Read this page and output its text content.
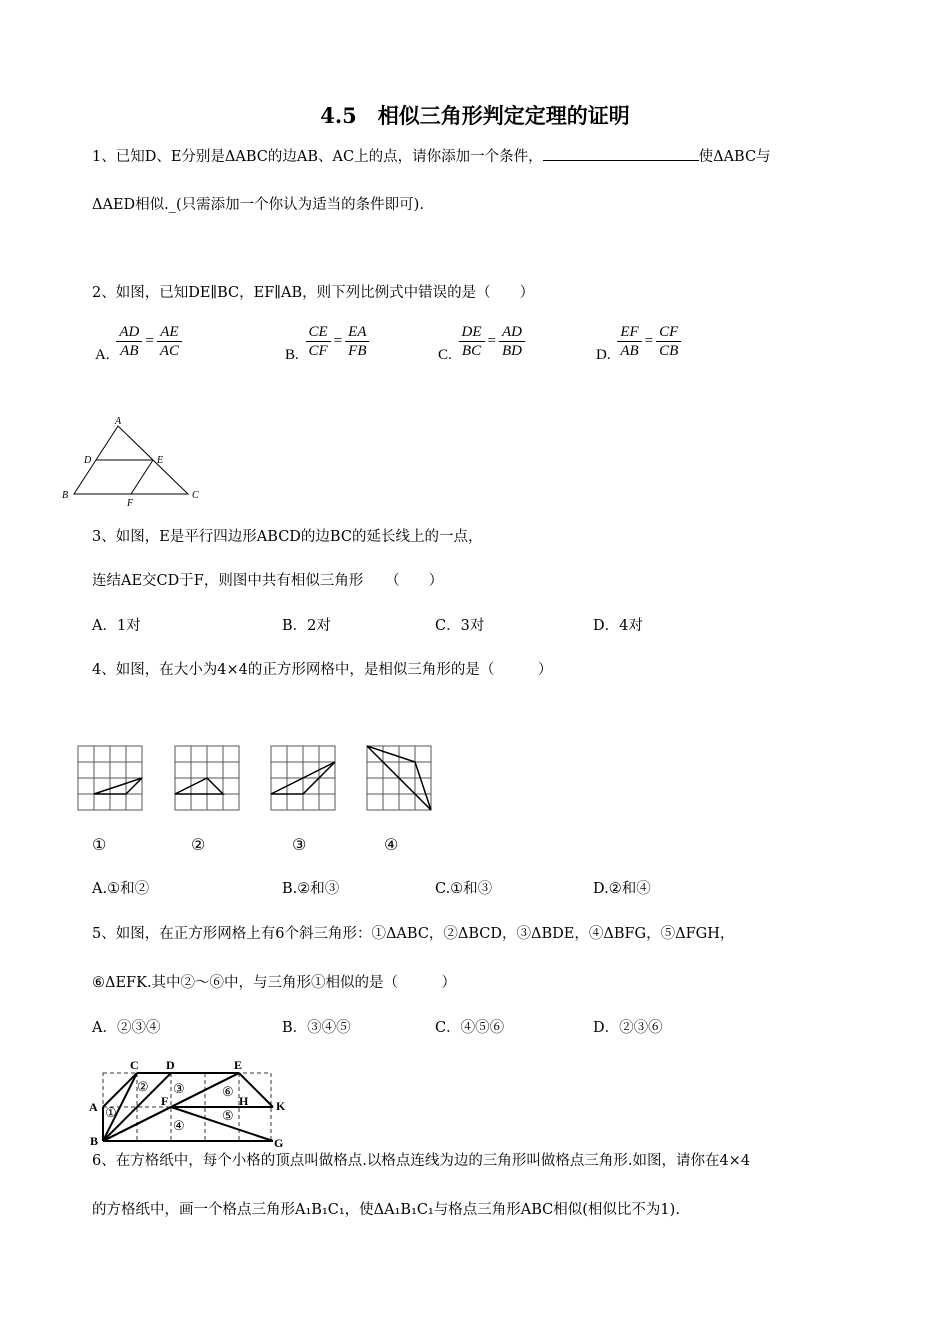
4.5　相似三角形判定定理的证明
1、已知D、E分别是ΔABC的边AB、AC上的点，请你添加一个条件，	使ΔABC与
ΔAED相似._(只需添加一个你认为适当的条件即可).
2、如图，已知DE∥BC，EF∥AB，则下列比例式中错误的是（　　）
A. $\frac{AD}{AB} = \frac{AE}{AC}$	B. $\frac{CE}{CF} = \frac{EA}{FB}$	C. $\frac{DE}{BC} = \frac{AD}{BD}$	D. $\frac{EF}{AB} = \frac{CF}{CB}$
A
D	E
B
F
C
3、如图，E是平行四边形ABCD的边BC的延长线上的一点，
连结AE交CD于F，则图中共有相似三角形　　（　　）
A．1对	B．2对	C．3对	D．4对
4、如图，在大小为4×4的正方形网格中，是相似三角形的是（　　　）
①	②	③	④
A.①和②	B.②和③	C.①和③	D.②和④
5、如图，在正方形网格上有6个斜三角形：①ΔABC，②ΔBCD，③ΔBDE，④ΔBFG，⑤ΔFGH，
⑥ΔEFK.其中②～⑥中，与三角形①相似的是（　　　）
A．②③④	B．③④⑤	C．④⑤⑥	D．②③⑥
A
B
C D	E
F	H K
G
①
② ③
④
⑤
⑥
6、在方格纸中，每个小格的顶点叫做格点.以格点连线为边的三角形叫做格点三角形.如图，请你在4×4
的方格纸中，画一个格点三角形A₁B₁C₁，使ΔA₁B₁C₁与格点三角形ABC相似(相似比不为1).
